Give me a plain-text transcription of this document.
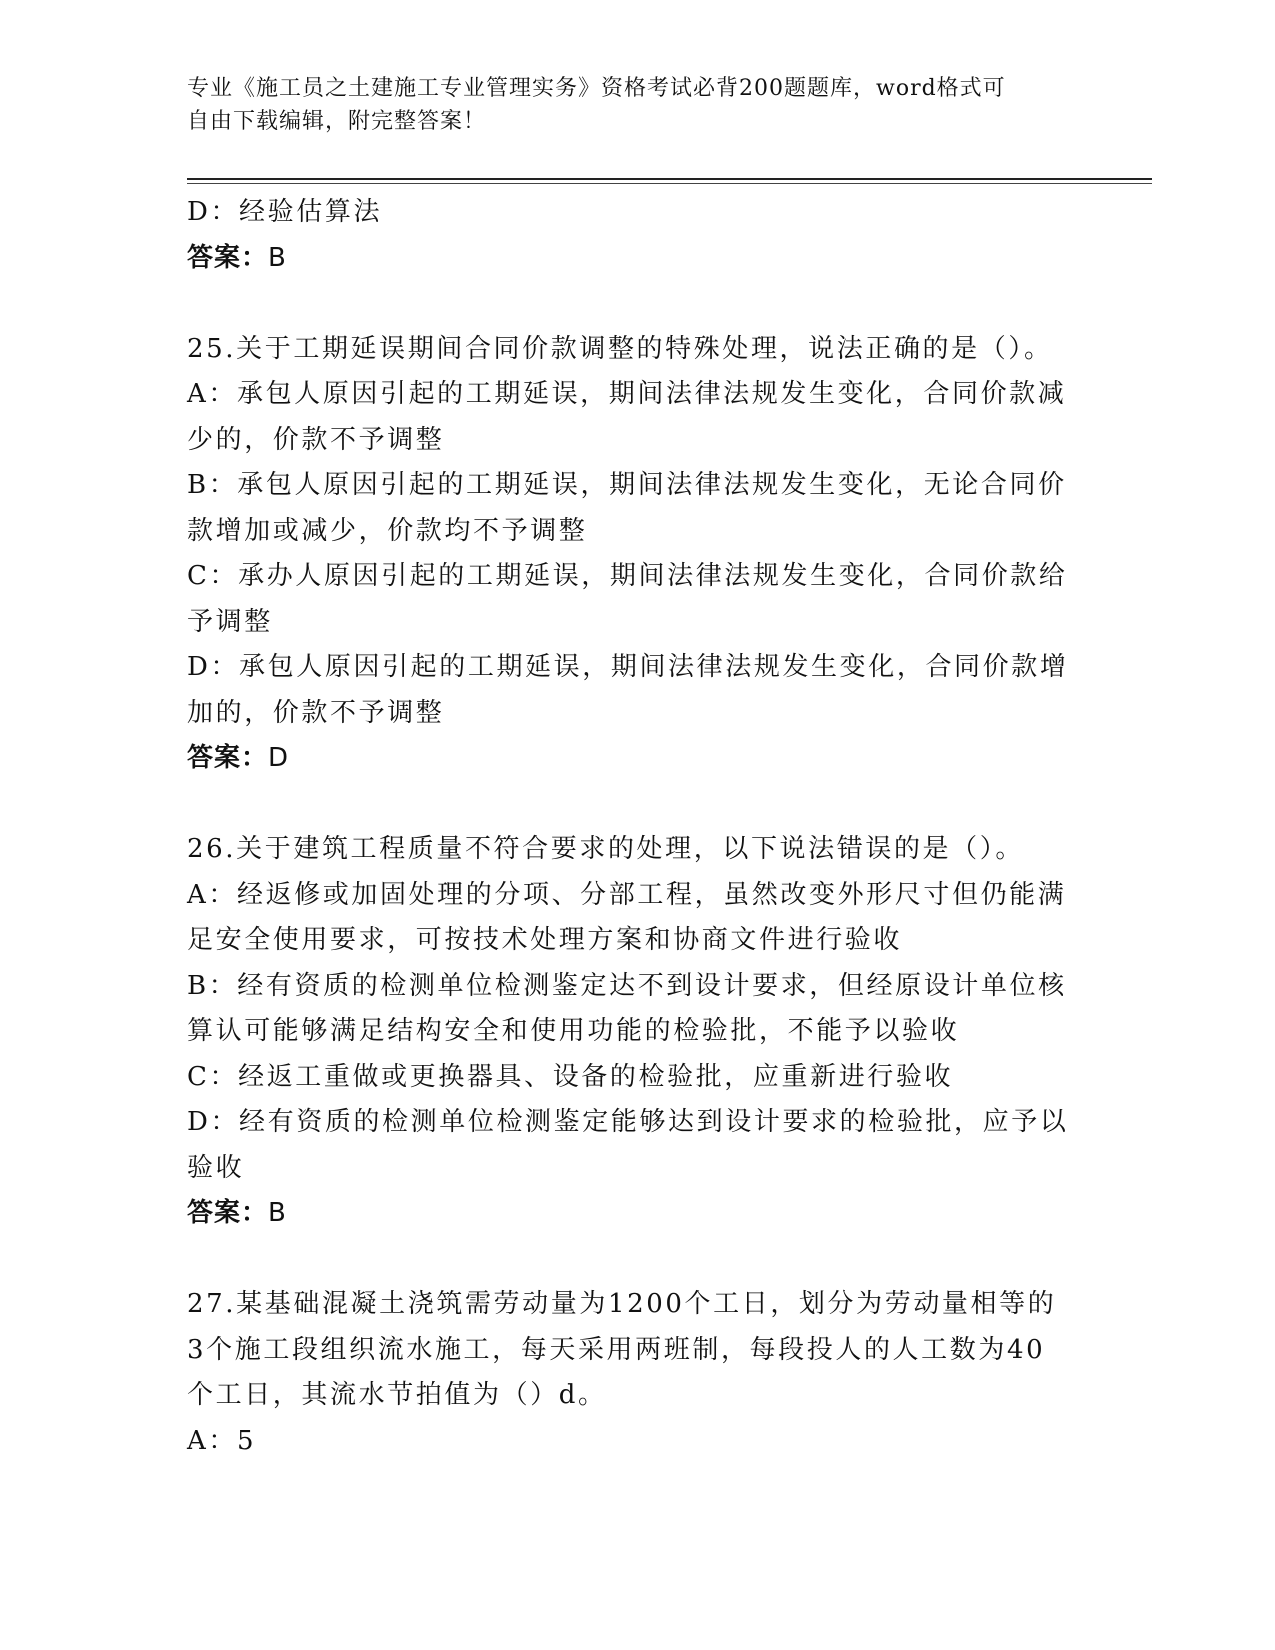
专业《施工员之土建施工专业管理实务》资格考试必背200题题库，word格式可
自由下载编辑，附完整答案！
D：经验估算法
答案：B
25.关于工期延误期间合同价款调整的特殊处理，说法正确的是（）。
A：承包人原因引起的工期延误，期间法律法规发生变化，合同价款减
少的，价款不予调整
B：承包人原因引起的工期延误，期间法律法规发生变化，无论合同价
款增加或减少，价款均不予调整
C：承办人原因引起的工期延误，期间法律法规发生变化，合同价款给
予调整
D：承包人原因引起的工期延误，期间法律法规发生变化，合同价款增
加的，价款不予调整
答案：D
26.关于建筑工程质量不符合要求的处理，以下说法错误的是（）。
A：经返修或加固处理的分项、分部工程，虽然改变外形尺寸但仍能满
足安全使用要求，可按技术处理方案和协商文件进行验收
B：经有资质的检测单位检测鉴定达不到设计要求，但经原设计单位核
算认可能够满足结构安全和使用功能的检验批，不能予以验收
C：经返工重做或更换器具、设备的检验批，应重新进行验收
D：经有资质的检测单位检测鉴定能够达到设计要求的检验批，应予以
验收
答案：B
27.某基础混凝土浇筑需劳动量为1200个工日，划分为劳动量相等的
3个施工段组织流水施工，每天采用两班制，每段投人的人工数为40
个工日，其流水节拍值为（）d。
A：5
